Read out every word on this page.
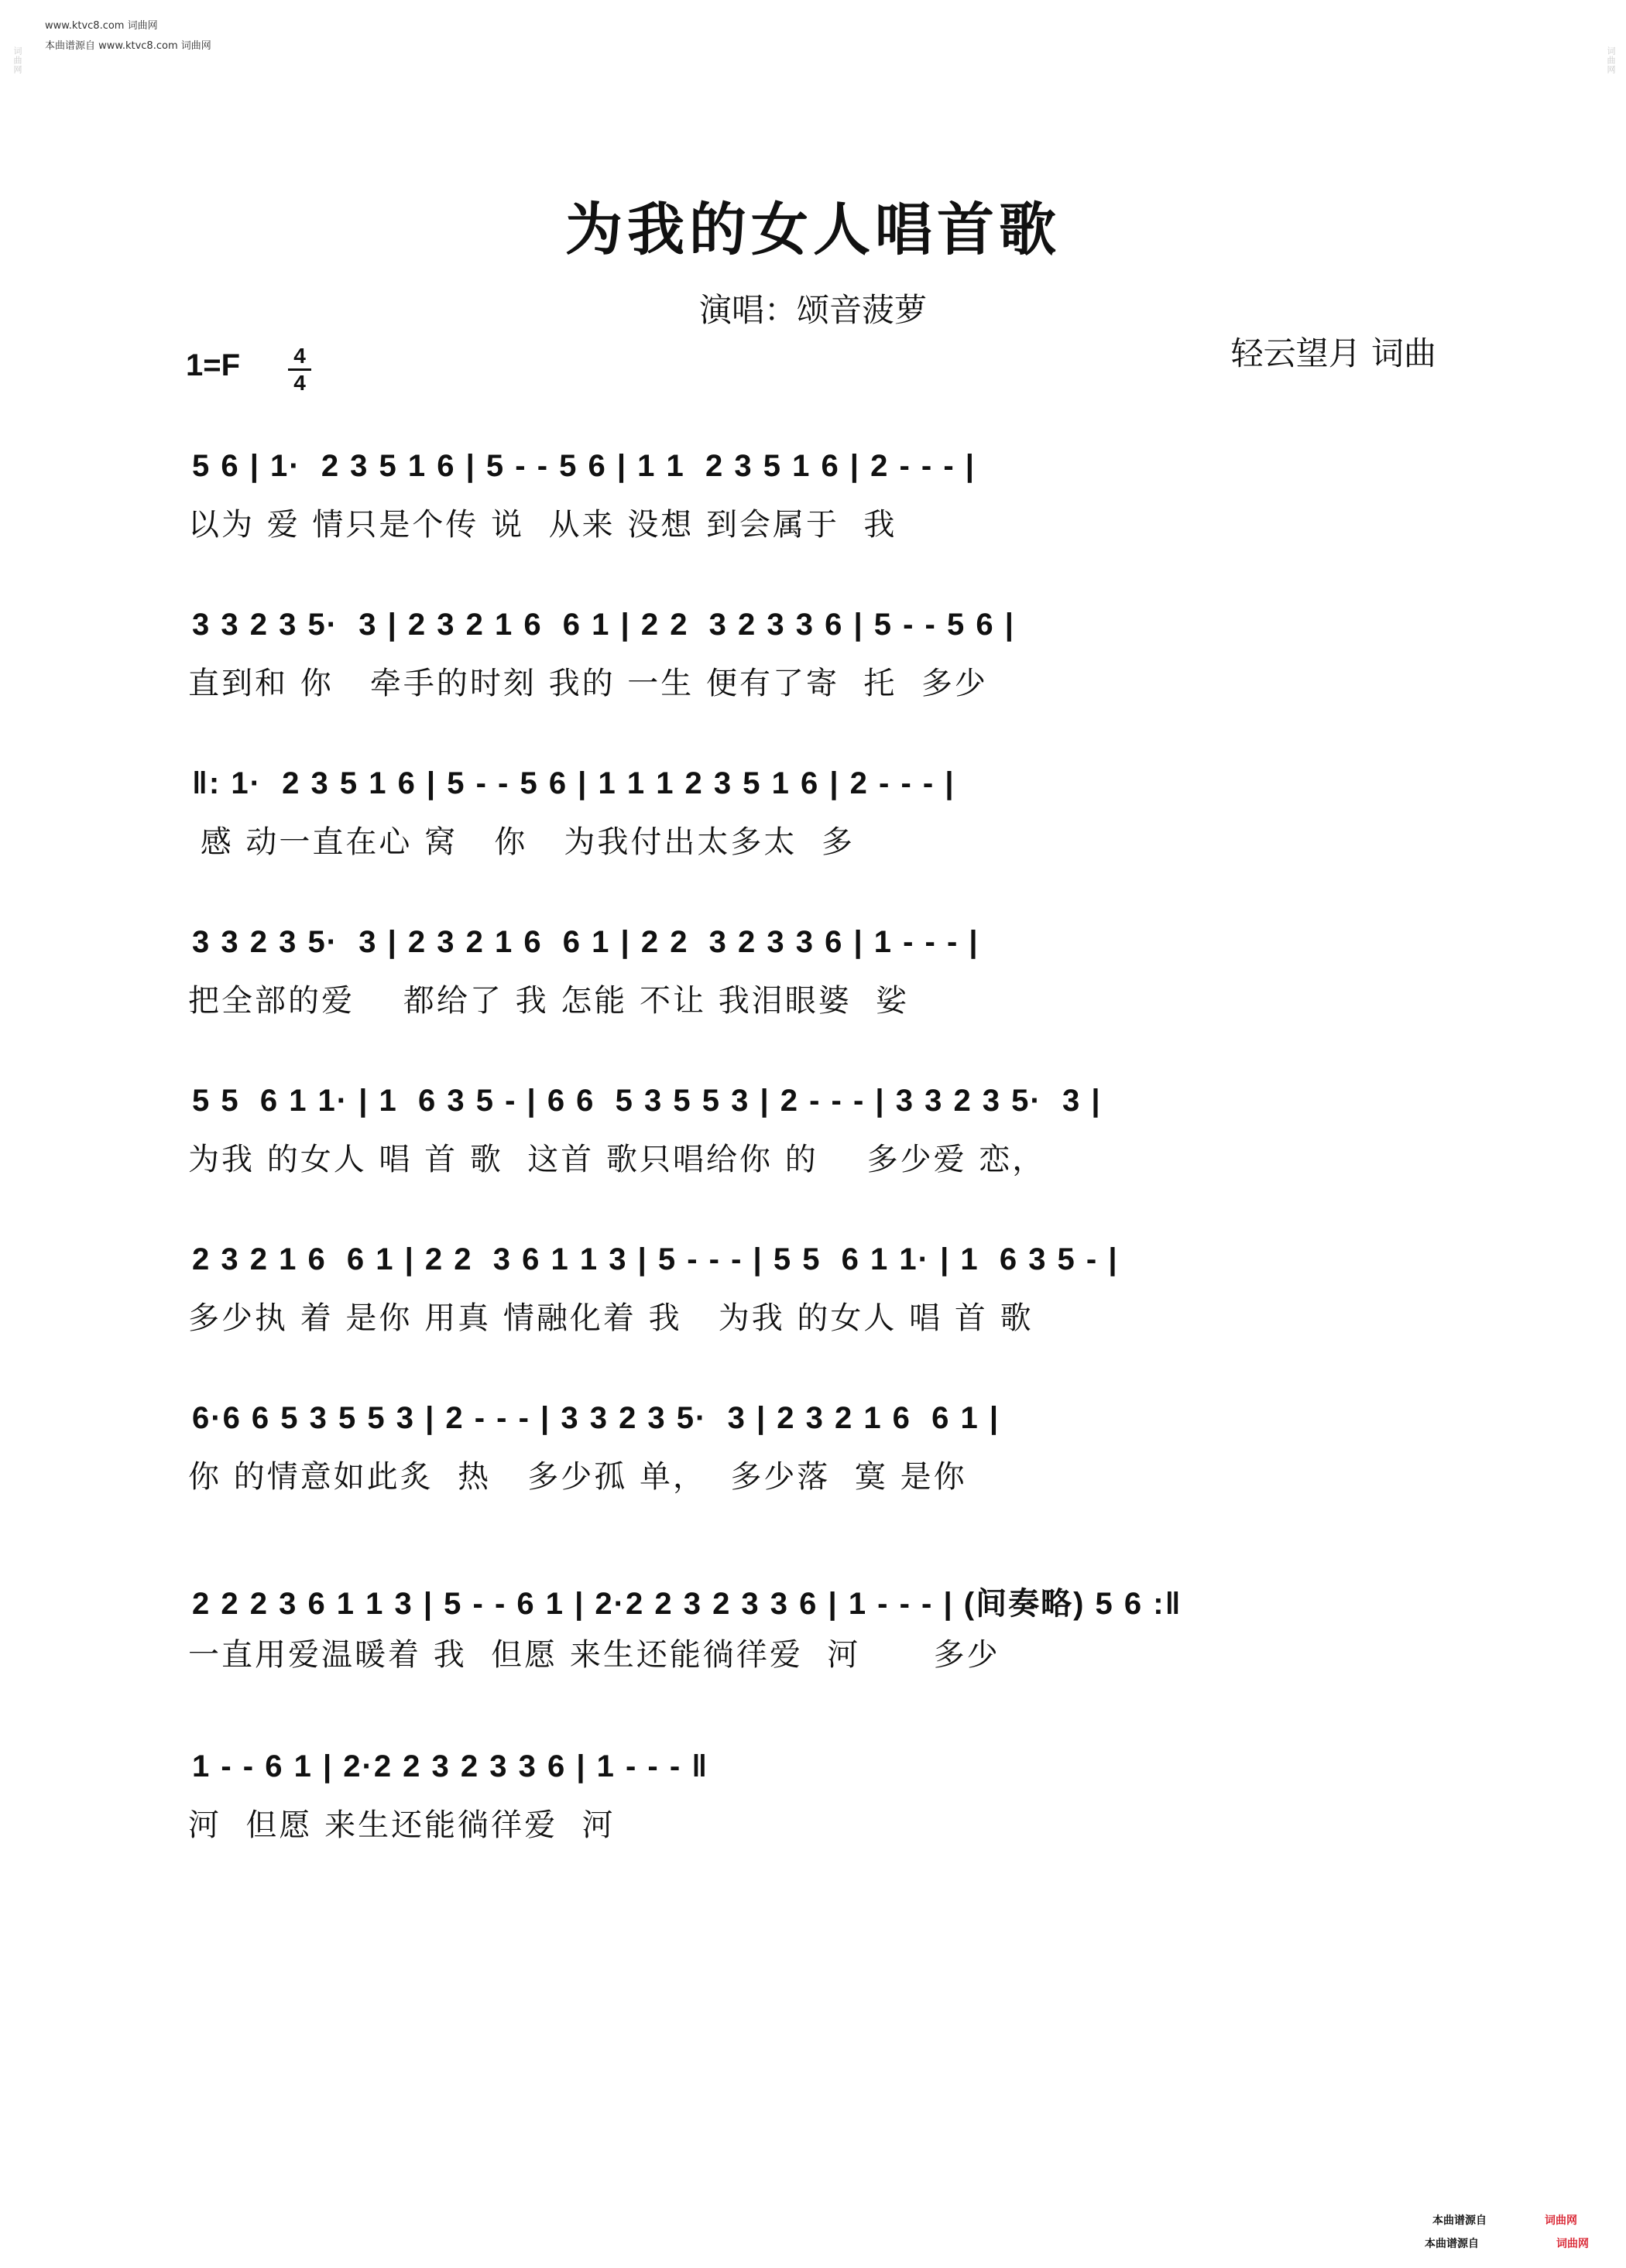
词曲网	词曲网
www.ktvc8.com 词曲网
本曲谱源自 www.ktvc8.com 词曲网
为我的女人唱首歌
演唱：颂音菠萝
轻云望月 词曲
1=F 4
4
5 6 | 1·  2 3 5 1 6 | 5 - - 5 6 | 1 1  2 3 5 1 6 | 2 - - - |
以为 爱 情只是个传 说  从来 没想 到会属于  我
3 3 2 3 5·  3 | 2 3 2 1 6  6 1 | 2 2  3 2 3 3 6 | 5 - - 5 6 |
直到和 你   牵手的时刻 我的 一生 便有了寄  托  多少
‖: 1·  2 3 5 1 6 | 5 - - 5 6 | 1 1 1 2 3 5 1 6 | 2 - - - |
感 动一直在心 窝   你   为我付出太多太  多
3 3 2 3 5·  3 | 2 3 2 1 6  6 1 | 2 2  3 2 3 3 6 | 1 - - - |
把全部的爱    都给了 我 怎能 不让 我泪眼婆  娑
5 5  6 1 1· | 1  6 3 5 - | 6 6  5 3 5 5 3 | 2 - - - | 3 3 2 3 5·  3 |
为我 的女人 唱 首 歌  这首 歌只唱给你 的    多少爱 恋，
2 3 2 1 6  6 1 | 2 2  3 6 1 1 3 | 5 - - - | 5 5  6 1 1· | 1  6 3 5 - |
多少执 着 是你 用真 情融化着 我   为我 的女人 唱 首 歌
6·6 6 5 3 5 5 3 | 2 - - - | 3 3 2 3 5·  3 | 2 3 2 1 6  6 1 |
你 的情意如此炙  热   多少孤 单，  多少落  寞 是你
2 2 2 3 6 1 1 3 | 5 - - 6 1 | 2·2 2 3 2 3 3 6 | 1 - - - | (间奏略) 5 6 :‖
一直用爱温暖着 我  但愿 来生还能徜徉爱  河      多少
1 - - 6 1 | 2·2 2 3 2 3 3 6 | 1 - - - ‖
河  但愿 来生还能徜徉爱  河
本曲谱源自	词曲网
本曲谱源自	词曲网
